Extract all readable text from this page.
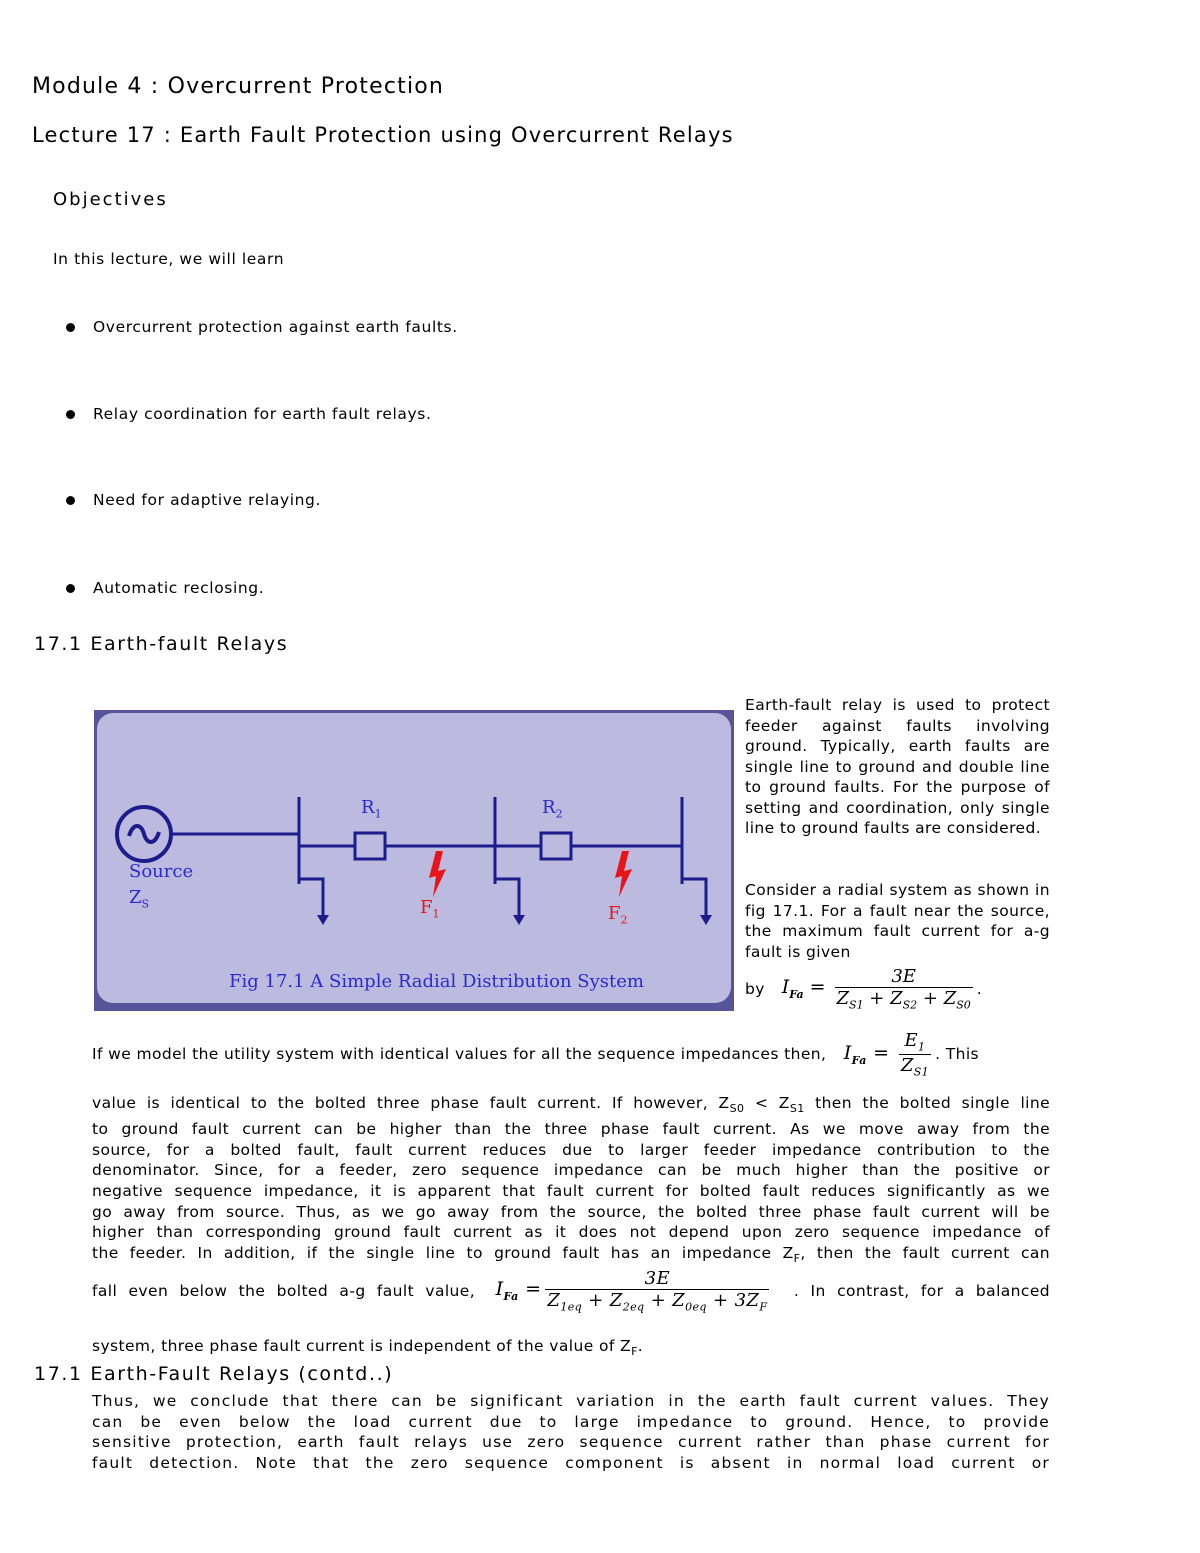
Module 4 : Overcurrent Protection
Lecture 17 : Earth Fault Protection using Overcurrent Relays
Objectives
In this lecture, we will learn
Overcurrent protection against earth faults.
Relay coordination for earth fault relays.
Need for adaptive relaying.
Automatic reclosing.
17.1 Earth-fault Relays
Source
$Z_S$
$R_1$	$R_2$
$F_1$	$F_2$
Fig 17.1 A Simple Radial Distribution System
Earth-fault relay is used to protect feeder against faults involving ground. Typically, earth faults are single line to ground and double line to ground faults. For the purpose of setting and coordination, only single line to ground faults are considered.
Consider a radial system as shown in fig 17.1. For a fault near the source, the maximum fault current for a-g fault is given
by $I_{Fa} = \frac{3E}{Z_{S1} + Z_{S2} + Z_{S0}}$ .
If we model the utility system with identical values for all the sequence impedances then, $I_{Fa} = \frac{E_1}{Z_{S1}}$ . This
value is identical to the bolted three phase fault current. If however, $Z_{S0} < Z_{S1}$ then the bolted single line
to ground fault current can be higher than the three phase fault current. As we move away from the
source, for a bolted fault, fault current reduces due to larger feeder impedance contribution to the
denominator. Since, for a feeder, zero sequence impedance can be much higher than the positive or
negative sequence impedance, it is apparent that fault current for bolted fault reduces significantly as we
go away from source. Thus, as we go away from the source, the bolted three phase fault current will be
higher than corresponding ground fault current as it does not depend upon zero sequence impedance of
the feeder. In addition, if the single line to ground fault has an impedance $Z_F$, then the fault current can
fall even below the bolted a-g fault value, $I_{Fa} = \frac{3E}{Z_{1eq} + Z_{2eq} + Z_{0eq} + 3Z_F}$ . In contrast, for a balanced
system, three phase fault current is independent of the value of $Z_F$.
17.1 Earth-Fault Relays (contd..)
Thus, we conclude that there can be significant variation in the earth fault current values. They
can be even below the load current due to large impedance to ground. Hence, to provide
sensitive protection, earth fault relays use zero sequence current rather than phase current for
fault detection. Note that the zero sequence component is absent in normal load current or
